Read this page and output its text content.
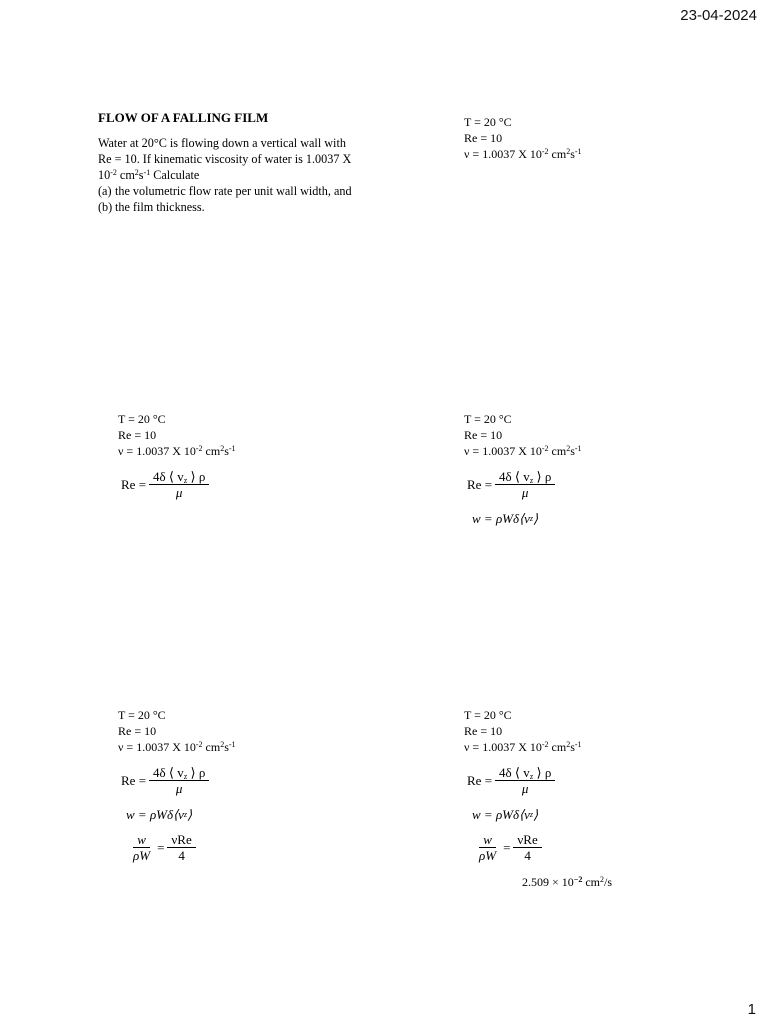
23-04-2024
1
FLOW OF A FALLING FILM
Water at 20°C is flowing down a vertical wall with Re = 10. If kinematic viscosity of water is 1.0037 X $10^{-2}$ $cm^2s^{-1}$ Calculate
(a) the volumetric flow rate per unit wall width, and
(b) the film thickness.
T = 20 °C
Re = 10
ν = 1.0037 X $10^{-2}$ $cm^2s^{-1}$
T = 20 °C
Re = 10
ν = 1.0037 X $10^{-2}$ $cm^2s^{-1}$
$Re = \frac{4\delta ⟨ v_z ⟩ \rho}{\mu}$
T = 20 °C
Re = 10
ν = 1.0037 X $10^{-2}$ $cm^2s^{-1}$
$Re = \frac{4\delta ⟨ v_z ⟩ \rho}{\mu}$
w = ρWδ⟨v z ⟩
T = 20 °C
Re = 10
ν = 1.0037 X $10^{-2}$ $cm^2s^{-1}$
$Re = \frac{4\delta ⟨ v_z ⟩ \rho}{\mu}$
w = ρWδ⟨v z ⟩
$\frac{w}{\rho W} = \frac{\text{νRe}}{4}$
T = 20 °C
Re = 10
ν = 1.0037 X $10^{-2}$ $cm^2s^{-1}$
$Re = \frac{4\delta ⟨ v_z ⟩ \rho}{\mu}$
w = ρWδ⟨v z ⟩
$\frac{w}{\rho W} = \frac{\text{νRe}}{4}$
$2.509 \times 10^{-2}$ $cm^2/s$
